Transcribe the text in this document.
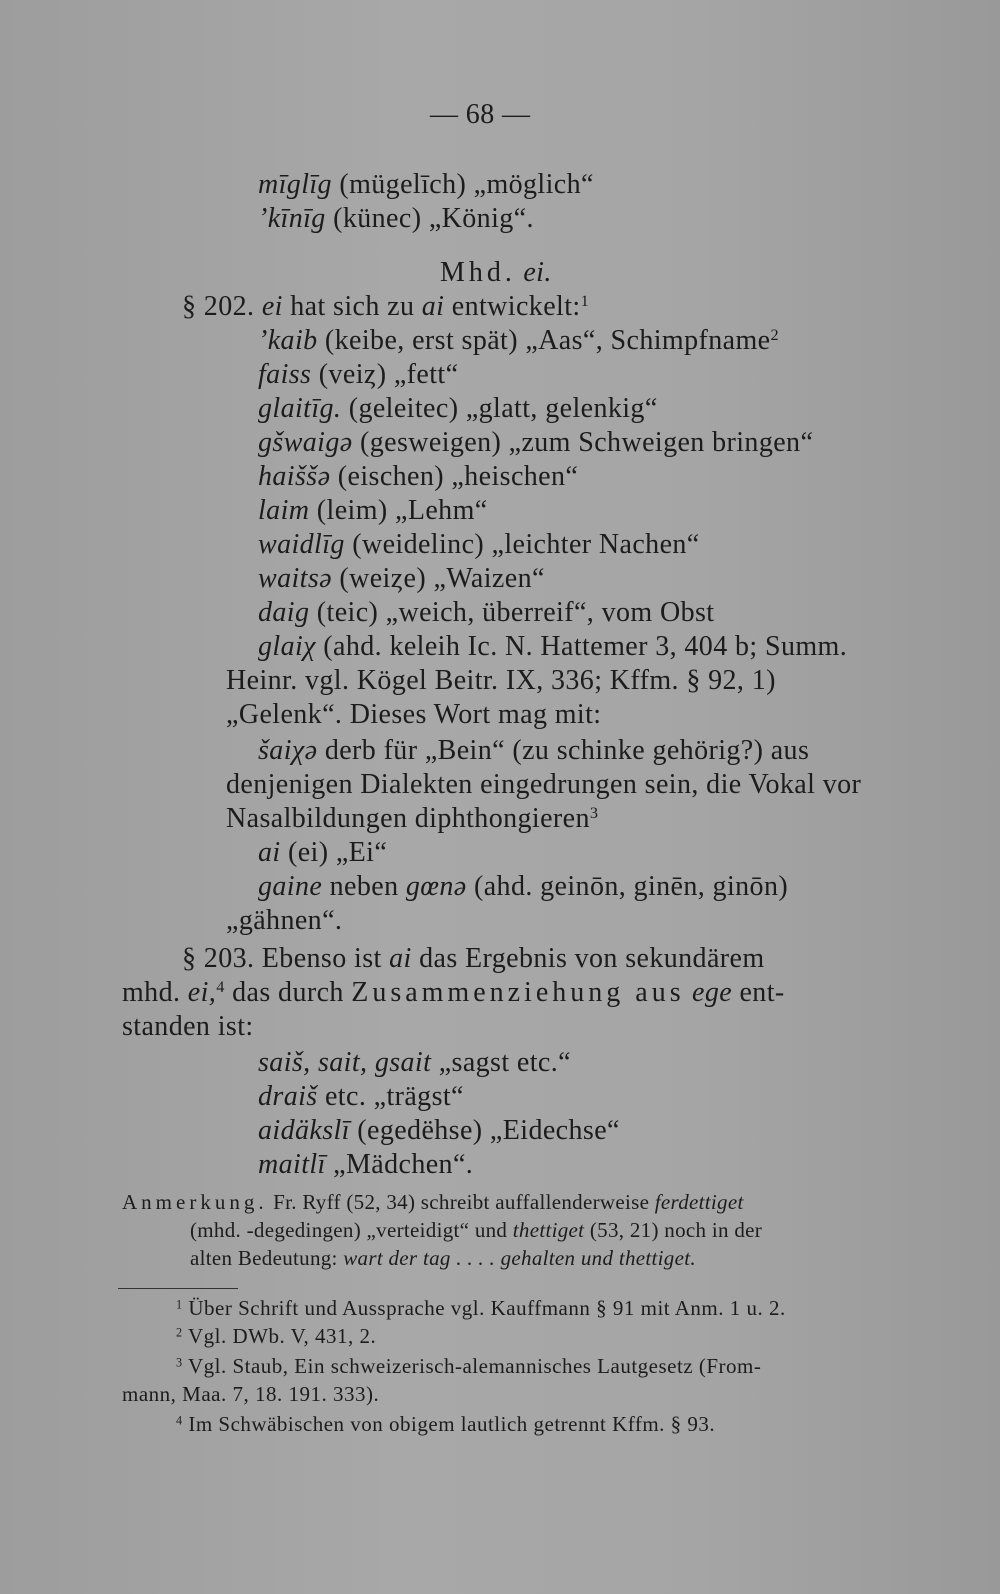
— 68 —
mīglīg (mügelīch) „möglich“
ʼkīnīg (künec) „König“.
Mhd. ei.
§ 202. ei hat sich zu ai entwickelt:$^1$
ʼkaib (keibe, erst spät) „Aas“, Schimpfname$^2$
faiss (veiȥ) „fett“
glaitīg. (geleitec) „glatt, gelenkig“
gšwaigə (gesweigen) „zum Schweigen bringen“
haiššə (eischen) „heischen“
laim (leim) „Lehm“
waidlīg (weidelinc) „leichter Nachen“
waitsə (weiȥe) „Waizen“
daig (teic) „weich, überreif“, vom Obst
glaiχ (ahd. keleih Ic. N. Hattemer 3, 404 b; Summ.
Heinr. vgl. Kögel Beitr. IX, 336; Kffm. § 92, 1)
„Gelenk“. Dieses Wort mag mit:
šaiχə derb für „Bein“ (zu schinke gehörig?) aus
denjenigen Dialekten eingedrungen sein, die Vokal vor
Nasalbildungen diphthongieren$^3$
ai (ei) „Ei“
gaine neben gœnə (ahd. geinōn, ginēn, ginōn)
„gähnen“.
§ 203. Ebenso ist ai das Ergebnis von sekundärem
mhd. ei,$^4$ das durch Zusammenziehung aus ege ent-
standen ist:
saiš, sait, gsait „sagst etc.“
draiš etc. „trägst“
aidäkslī (egedëhse) „Eidechse“
maitlī „Mädchen“.
Anmerkung. Fr. Ryff (52, 34) schreibt auffallenderweise ferdettiget
(mhd. -degedingen) „verteidigt“ und thettiget (53, 21) noch in der
alten Bedeutung: wart der tag . . . . gehalten und thettiget.
$^1$ Über Schrift und Aussprache vgl. Kauffmann § 91 mit Anm. 1 u. 2.
$^2$ Vgl. DWb. V, 431, 2.
$^3$ Vgl. Staub, Ein schweizerisch-alemannisches Lautgesetz (From-
mann, Maa. 7, 18. 191. 333).
$^4$ Im Schwäbischen von obigem lautlich getrennt Kffm. § 93.
